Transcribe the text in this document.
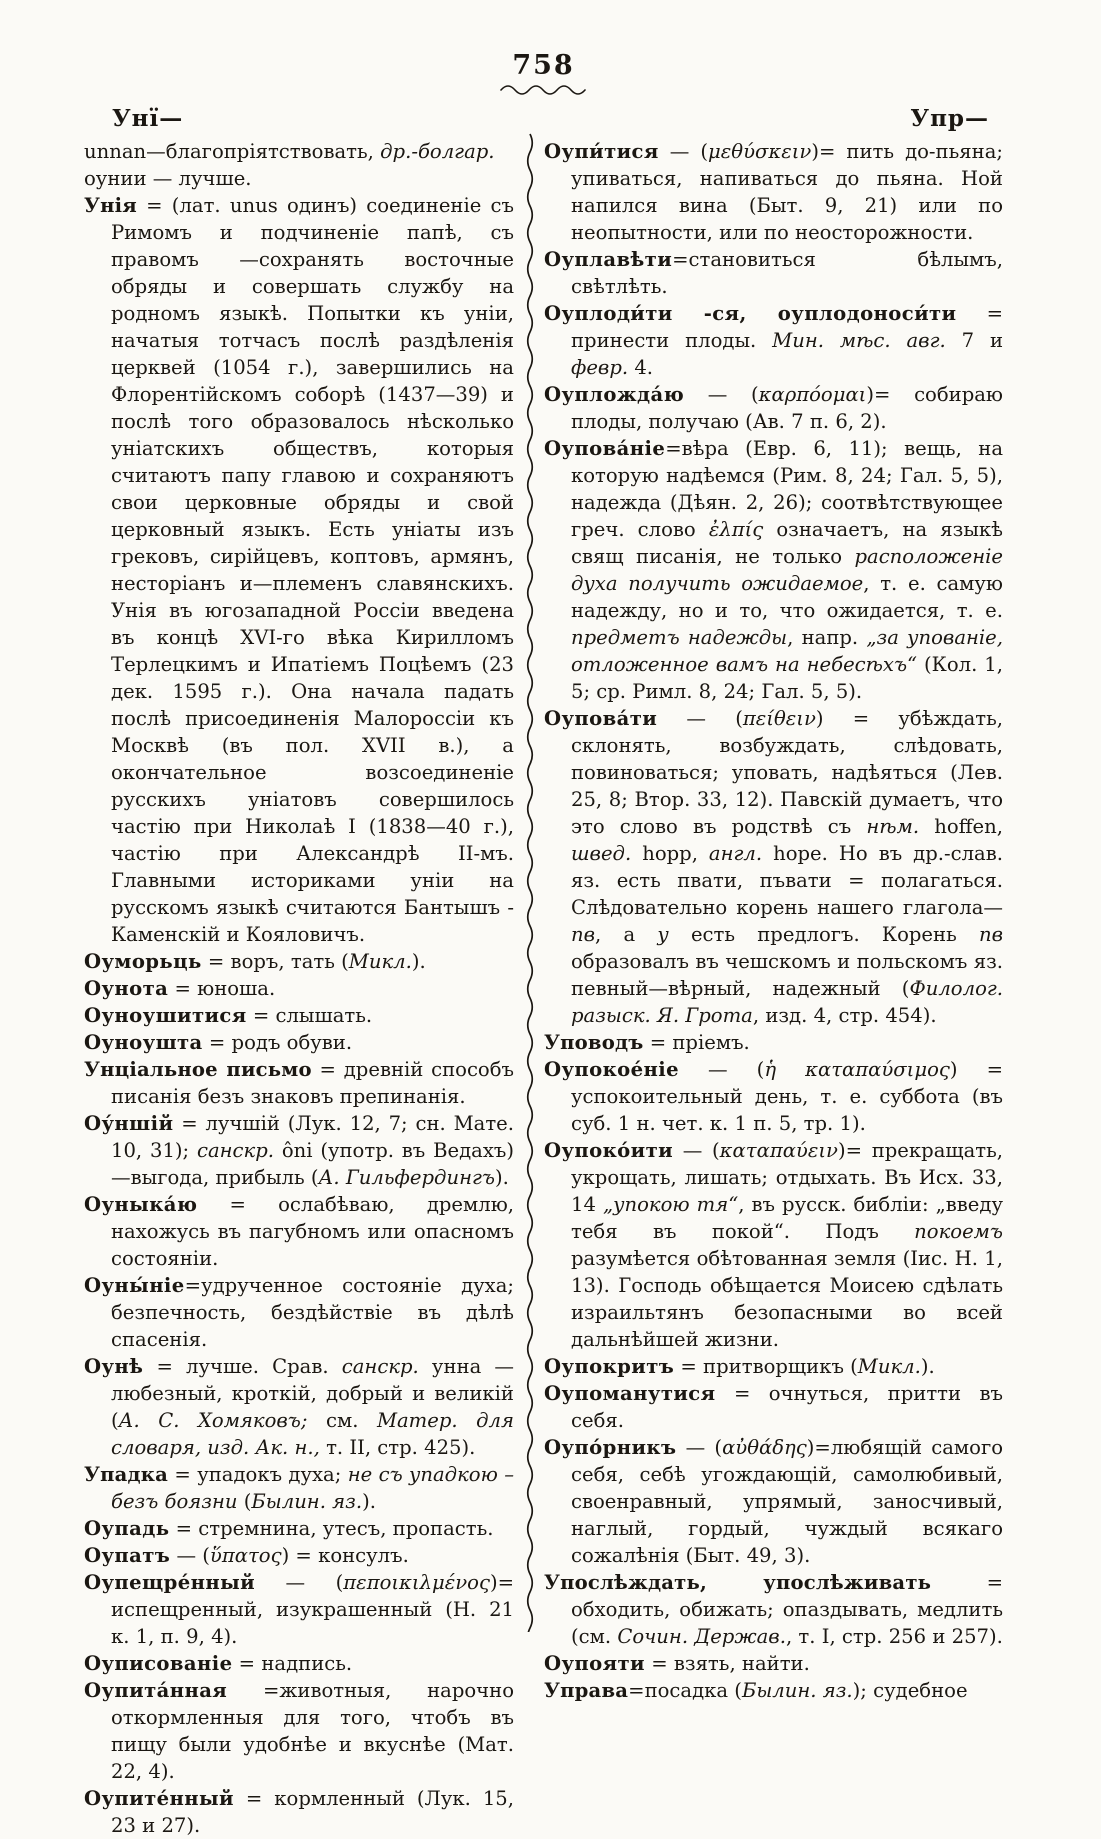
758
Унї—	Упр—
unnan—благопріятствовать, др.-болгар.
оунии — лучше.
Унія = (лат. unus одинъ) соединеніе съ Римомъ и подчиненіе папѣ, съ правомъ —сохранять восточные обряды и совершать службу на родномъ языкѣ. Попытки къ уніи, начатыя тотчасъ послѣ раздѣленія церквей (1054 г.), завершились на Флорентійскомъ соборѣ (1437—39) и послѣ того образовалось нѣсколько уніатскихъ обществъ, которыя считаютъ папу главою и сохраняютъ свои церковные обряды и свой церковный языкъ. Есть уніаты изъ грековъ, сирійцевъ, коптовъ, армянъ, несторіанъ и—племенъ славянскихъ. Унія въ югозападной Россіи введена въ концѣ XVI-го вѣка Кирилломъ Терлецкимъ и Ипатіемъ Поцѣемъ (23 дек. 1595 г.). Она начала падать послѣ присоединенія Малороссіи къ Москвѣ (въ пол. XVII в.), а окончательное возсоединеніе русскихъ уніатовъ совершилось частію при Николаѣ I (1838—40 г.), частію при Александрѣ II-мъ. Главными историками уніи на русскомъ языкѣ считаются Бантышъ - Каменскій и Кояловичъ.
Оуморьць = воръ, тать (Микл.).
Оунота = юноша.
Оуноушитися = слышать.
Оуноушта = родъ обуви.
Унціальное письмо = древній способъ писанія безъ знаковъ препинанія.
Оу́ншій = лучшій (Лук. 12, 7; сн. Мате. 10, 31); санскр. ôni (употр. въ Ведахъ)—выгода, прибыль (А. Гильфердингъ).
Оуныка́ю = ослабѣваю, дремлю, нахожусь въ пагубномъ или опасномъ состояніи.
Оуны́ніе=удрученное состояніе духа; безпечность, бездѣйствіе въ дѣлѣ спасенія.
Оунѣ = лучше. Срав. санскр. унна — любезный, кроткій, добрый и великій (А. С. Хомяковъ; см. Матер. для словаря, изд. Ак. н., т. II, стр. 425).
Упадка = упадокъ духа; не съ упадкою – безъ боязни (Былин. яз.).
Оупадь = стремнина, утесъ, пропасть.
Оупатъ — (ὕπατος) = консулъ.
Оупещре́нный — (πεποικιλμένος)= испещренный, изукрашенный (Н. 21 к. 1, п. 9, 4).
Оуписованіе = надпись.
Оупита́нная =животныя, нарочно откормленныя для того, чтобъ въ пищу были удобнѣе и вкуснѣе (Мат. 22, 4).
Оупите́нный = кормленный (Лук. 15, 23 и 27).
Оупи́тися — (μεθύσκειν)= пить до-пьяна; упиваться, напиваться до пьяна. Ной напился вина (Быт. 9, 21) или по неопытности, или по неосторожности.
Оуплавѣти=становиться бѣлымъ, свѣтлѣть.
Оуплоди́ти -ся, оуплодоноси́ти = принести плоды. Мин. мѣс. авг. 7 и февр. 4.
Оупложда́ю — (καρπόομαι)= собираю плоды, получаю (Ав. 7 п. 6, 2).
Оупова́ніе=вѣра (Евр. 6, 11); вещь, на которую надѣемся (Рим. 8, 24; Гал. 5, 5), надежда (Дѣян. 2, 26); соотвѣтствующее греч. слово ἐλπίς означаетъ, на языкѣ свящ писанія, не только расположеніе духа получить ожидаемое, т. е. самую надежду, но и то, что ожидается, т. е. предметъ надежды, напр. „за упованіе, отложенное вамъ на небесѣхъ“ (Кол. 1, 5; ср. Римл. 8, 24; Гал. 5, 5).
Оупова́ти — (πείθειν) = убѣждать, склонять, возбуждать, слѣдовать, повиноваться; уповать, надѣяться (Лев. 25, 8; Втор. 33, 12). Павскій думаетъ, что это слово въ родствѣ съ нѣм. hoffen, швед. hopp, англ. hope. Но въ др.-слав. яз. есть пвати, пъвати = полагаться. Слѣдовательно корень нашего глагола— пв, а у есть предлогъ. Корень пв образовалъ въ чешскомъ и польскомъ яз. певный—вѣрный, надежный (Филолог. разыск. Я. Грота, изд. 4, стр. 454).
Уповодъ = пріемъ.
Оупокое́ніе — (ἡ καταπαύσιμος) = успокоительный день, т. е. суббота (въ суб. 1 н. чет. к. 1 п. 5, тр. 1).
Оупоко́ити — (καταπαύειν)= прекращать, укрощать, лишать; отдыхать. Въ Исх. 33, 14 „упокою тя“, въ русск. библіи: „введу тебя въ покой“. Подъ покоемъ разумѣется обѣтованная земля (Іис. Н. 1, 13). Господь обѣщается Моисею сдѣлать израильтянъ безопасными во всей дальнѣйшей жизни.
Оупокритъ = притворщикъ (Микл.).
Оупоманутися = очнуться, притти въ себя.
Оупо́рникъ — (αὐθάδης)=любящій самого себя, себѣ угождающій, самолюбивый, своенравный, упрямый, заносчивый, наглый, гордый, чуждый всякаго сожалѣнія (Быт. 49, 3).
Упослѣждать, упослѣживать = обходить, обижать; опаздывать, медлить (см. Сочин. Держав., т. I, стр. 256 и 257).
Оупояти = взять, найти.
Управа=посадка (Былин. яз.); судебное
